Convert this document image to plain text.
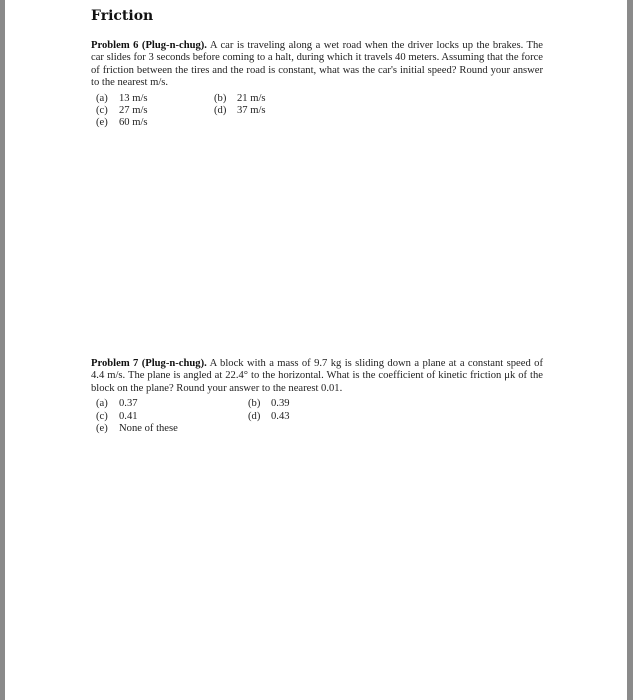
Friction
Problem 6 (Plug-n-chug). A car is traveling along a wet road when the driver locks up the brakes. The car slides for 3 seconds before coming to a halt, during which it travels 40 meters. Assuming that the force of friction between the tires and the road is constant, what was the car's initial speed? Round your answer to the nearest m/s.
(a) 13 m/s	(b) 21 m/s
(c) 27 m/s	(d) 37 m/s
(e) 60 m/s
Problem 7 (Plug-n-chug). A block with a mass of 9.7 kg is sliding down a plane at a constant speed of 4.4 m/s. The plane is angled at 22.4° to the horizontal. What is the coefficient of kinetic friction μk of the block on the plane? Round your answer to the nearest 0.01.
(a) 0.37	(b) 0.39
(c) 0.41	(d) 0.43
(e) None of these
